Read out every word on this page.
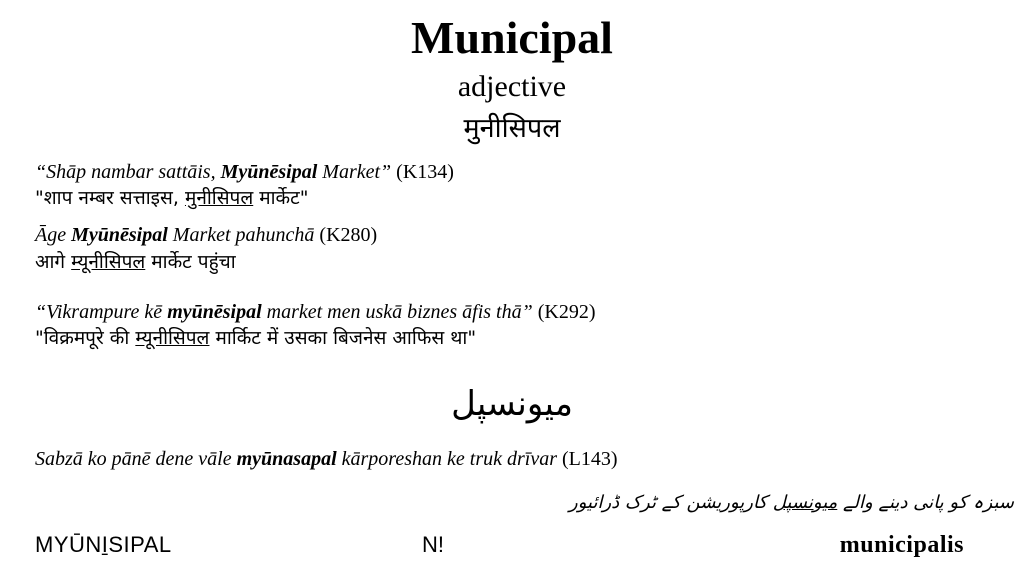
Municipal
adjective
मुनीसिपल
“Shāp nambar sattāis, Myūnēsipal Market” (K134)
"शाप नम्बर सत्ताइस, मुनीसिपल मार्केट"
Āge Myūnēsipal Market pahunchā (K280)
आगे म्यूनीसिपल मार्केट पहुंचा
“Vikrampure kē myūnēsipal market men uskā biznes āfis thā” (K292)
"विक्रमपूरे की म्यूनीसिपल मार्किट में उसका बिजनेस आफिस था"
میونسپل
Sabzā ko pānē dene vāle myūnasapal kārporeshan ke truk drīvar (L143)
سبزہ کو پانی دینے والے میونسپل کارپوریشن کے ٹرک ڈرائیور
MYŪNI̱SIPAL	N!	municipalis
